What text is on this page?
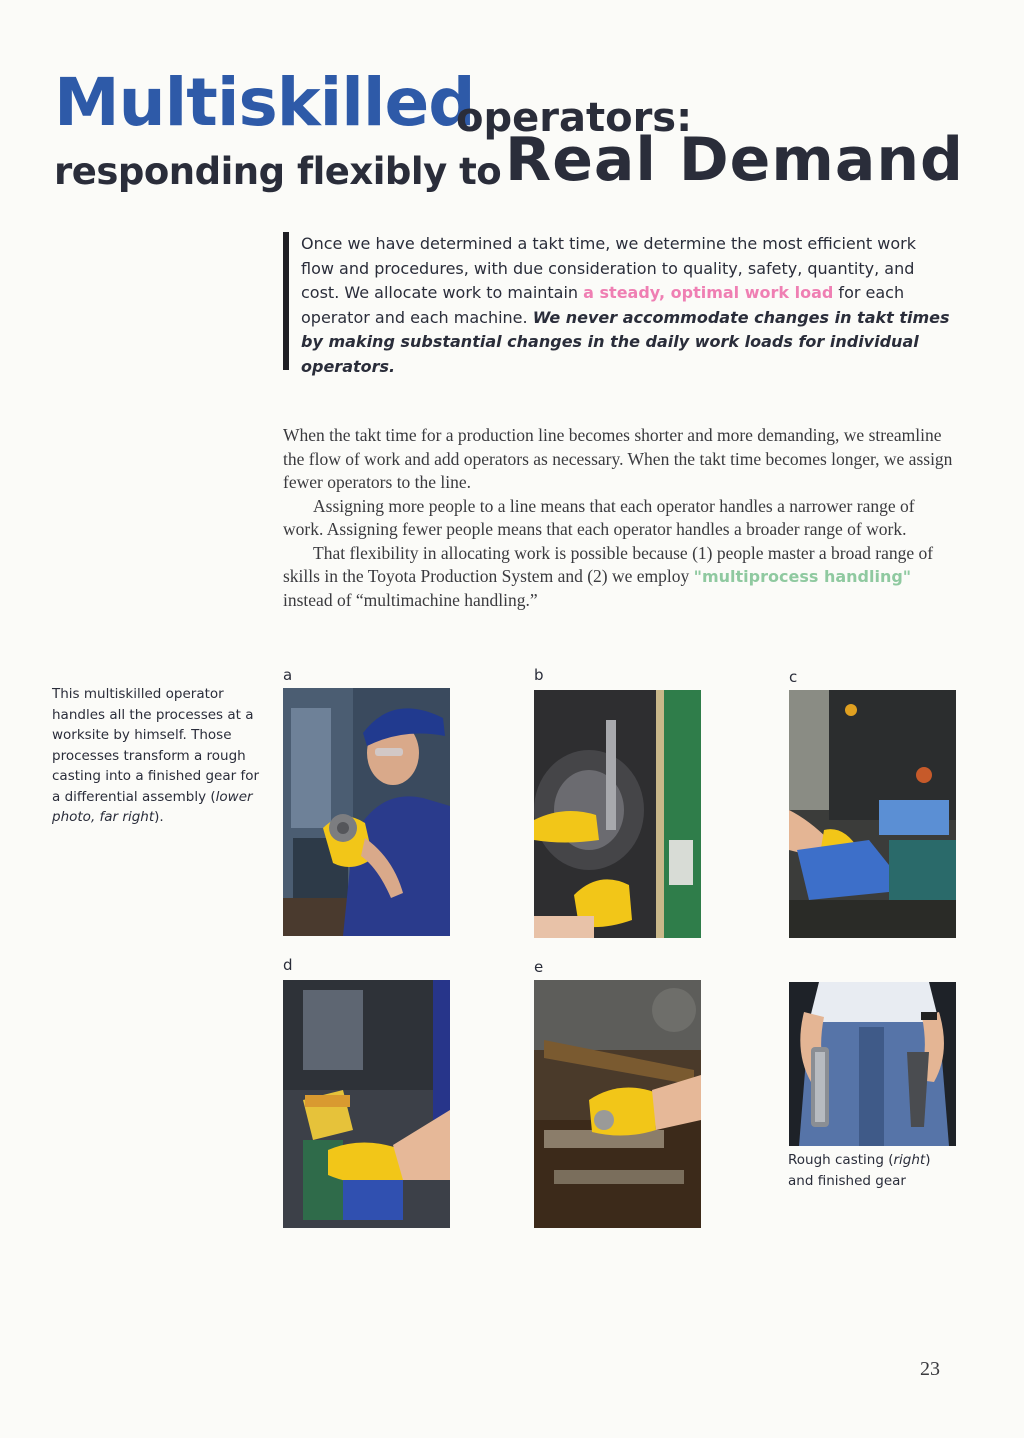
Multiskilled
operators:
responding flexibly to Real Demand
Once we have determined a takt time, we determine the most efficient work flow and procedures, with due consideration to quality, safety, quantity, and cost. We allocate work to maintain a steady, optimal work load for each operator and each machine. We never accommodate changes in takt times by making substantial changes in the daily work loads for individual operators.

When the takt time for a production line becomes shorter and more demanding, we streamline the flow of work and add operators as necessary. When the takt time becomes longer, we assign fewer operators to the line.

Assigning more people to a line means that each operator handles a narrower range of work. Assigning fewer people means that each operator handles a broader range of work.

That flexibility in allocating work is possible because (1) people master a broad range of skills in the Toyota Production System and (2) we employ "multiprocess handling" instead of “multimachine handling.”

This multiskilled operator handles all the processes at a worksite by himself. Those processes transform a rough casting into a finished gear for a differential assembly (lower photo, far right).
a	b	c
d	e
Rough casting (right) and finished gear
23
